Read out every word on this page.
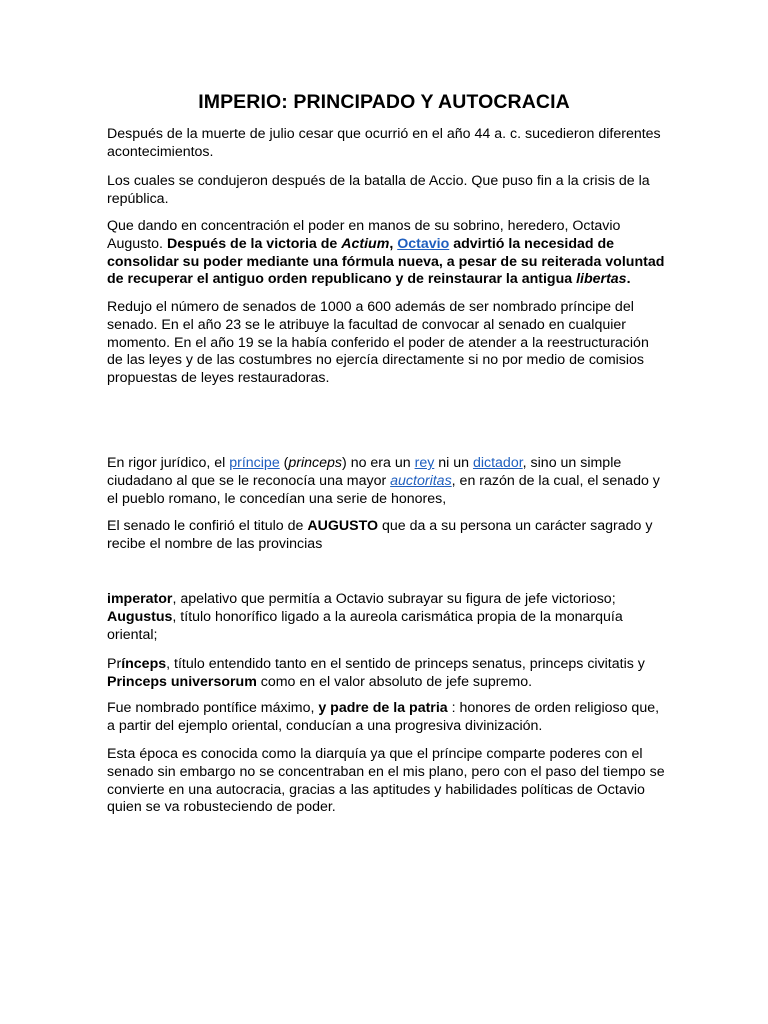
IMPERIO: PRINCIPADO Y AUTOCRACIA

Después de la muerte de julio cesar que ocurrió en el año 44 a. c. sucedieron diferentes acontecimientos.

Los cuales se condujeron después de la batalla de Accio. Que puso fin a la crisis de la república.

Que dando en concentración el poder en manos de su sobrino, heredero, Octavio Augusto. Después de la victoria de Actium, Octavio advirtió la necesidad de consolidar su poder mediante una fórmula nueva, a pesar de su reiterada voluntad de recuperar el antiguo orden republicano y de reinstaurar la antigua libertas.

Redujo el número de senados de 1000 a 600 además de ser nombrado príncipe del senado. En el año 23 se le atribuye la facultad de convocar al senado en cualquier momento. En el año 19 se la había conferido el poder de atender a la reestructuración de las leyes y de las costumbres no ejercía directamente si no por medio de comisios propuestas de leyes restauradoras.

En rigor jurídico, el príncipe (princeps) no era un rey ni un dictador, sino un simple ciudadano al que se le reconocía una mayor auctoritas, en razón de la cual, el senado y el pueblo romano, le concedían una serie de honores,

El senado le confirió el titulo de AUGUSTO que da a su persona un carácter sagrado y recibe el nombre de las provincias

imperator, apelativo que permitía a Octavio subrayar su figura de jefe victorioso; Augustus, título honorífico ligado a la aureola carismática propia de la monarquía oriental;

Prínceps, título entendido tanto en el sentido de princeps senatus, princeps civitatis y Princeps universorum como en el valor absoluto de jefe supremo.

Fue nombrado pontífice máximo, y padre de la patria : honores de orden religioso que, a partir del ejemplo oriental, conducían a una progresiva divinización.

Esta época es conocida como la diarquía ya que el príncipe comparte poderes con el senado sin embargo no se concentraban en el mis plano, pero con el paso del tiempo se convierte en una autocracia, gracias a las aptitudes y habilidades políticas de Octavio quien se va robusteciendo de poder.
